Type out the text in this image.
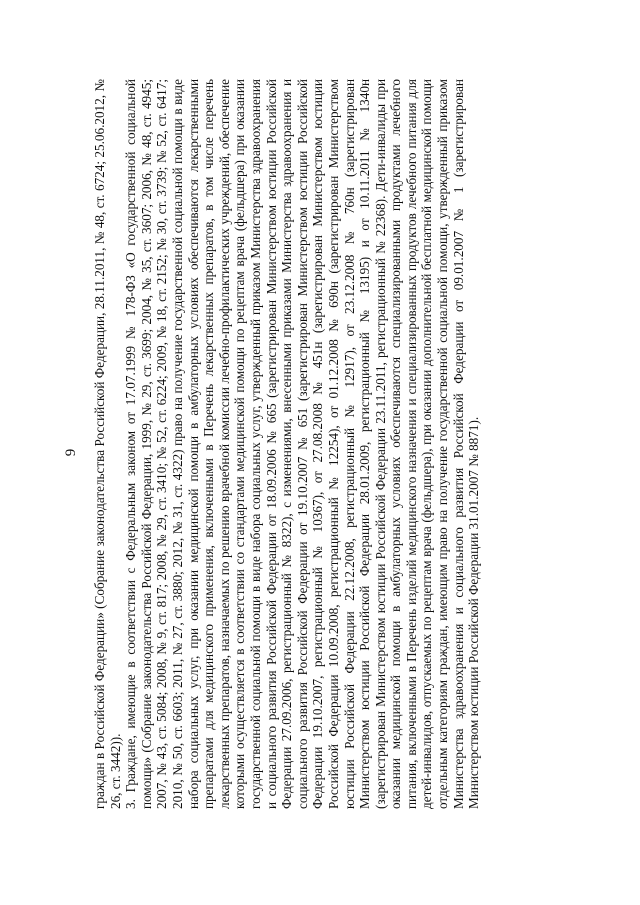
9 граждан в Российской Федерации» (Собрание законодательства Российской Федерации, 28.11.2011, № 48, ст. 6724; 25.06.2012, № 26, ст. 3442)). 3. Граждане, имеющие в соответствии с Федеральным законом от 17.07.1999 № 178-ФЗ «О государственной социальной помощи» (Собрание законодательства Российской Федерации, 1999, № 29, ст. 3699; 2004, № 35, ст. 3607; 2006, № 48, ст. 4945; 2007, № 43, ст. 5084; 2008, № 9, ст. 817; 2008, № 29, ст. 3410; № 52, ст. 6224; 2009, № 18, ст. 2152; № 30, ст. 3739; № 52, ст. 6417; 2010, № 50, ст. 6603; 2011, № 27, ст. 3880; 2012, № 31, ст. 4322) право на получение государственной социальной помощи в виде набора социальных услуг, при оказании медицинской помощи в амбулаторных условиях обеспечиваются лекарственными препаратами для медицинского применения, включенными в Перечень лекарственных препаратов, в том числе перечень лекарственных препаратов, назначаемых по решению врачебной комиссии лечебно-профилактических учреждений, обеспечение которыми осуществляется в соответствии со стандартами медицинской помощи по рецептам врача (фельдшера) при оказании государственной социальной помощи в виде набора социальных услуг, утвержденный приказом Министерства здравоохранения и социального развития Российской Федерации от 18.09.2006 № 665 (зарегистрирован Министерством юстиции Российской Федерации 27.09.2006, регистрационный № 8322), с изменениями, внесенными приказами Министерства здравоохранения и социального развития Российской Федерации от 19.10.2007 № 651 (зарегистрирован Министерством юстиции Российской Федерации 19.10.2007, регистрационный № 10367), от 27.08.2008 № 451н (зарегистрирован Министерством юстиции Российской Федерации 10.09.2008, регистрационный № 12254), от 01.12.2008 № 690н (зарегистрирован Министерством юстиции Российской Федерации 22.12.2008, регистрационный № 12917), от 23.12.2008 № 760н (зарегистрирован Министерством юстиции Российской Федерации 28.01.2009, регистрационный № 13195) и от 10.11.2011 № 1340н (зарегистрирован Министерством юстиции Российской Федерации 23.11.2011, регистрационный № 22368). Дети-инвалиды при оказании медицинской помощи в амбулаторных условиях обеспечиваются специализированными продуктами лечебного питания, включенными в Перечень изделий медицинского назначения и специализированных продуктов лечебного питания для детей-инвалидов, отпускаемых по рецептам врача (фельдшера), при оказании дополнительной бесплатной медицинской помощи отдельным категориям граждан, имеющим право на получение государственной социальной помощи, утвержденный приказом Министерства здравоохранения и социального развития Российской Федерации от 09.01.2007 № 1 (зарегистрирован Министерством юстиции Российской Федерации 31.01.2007 № 8871).
